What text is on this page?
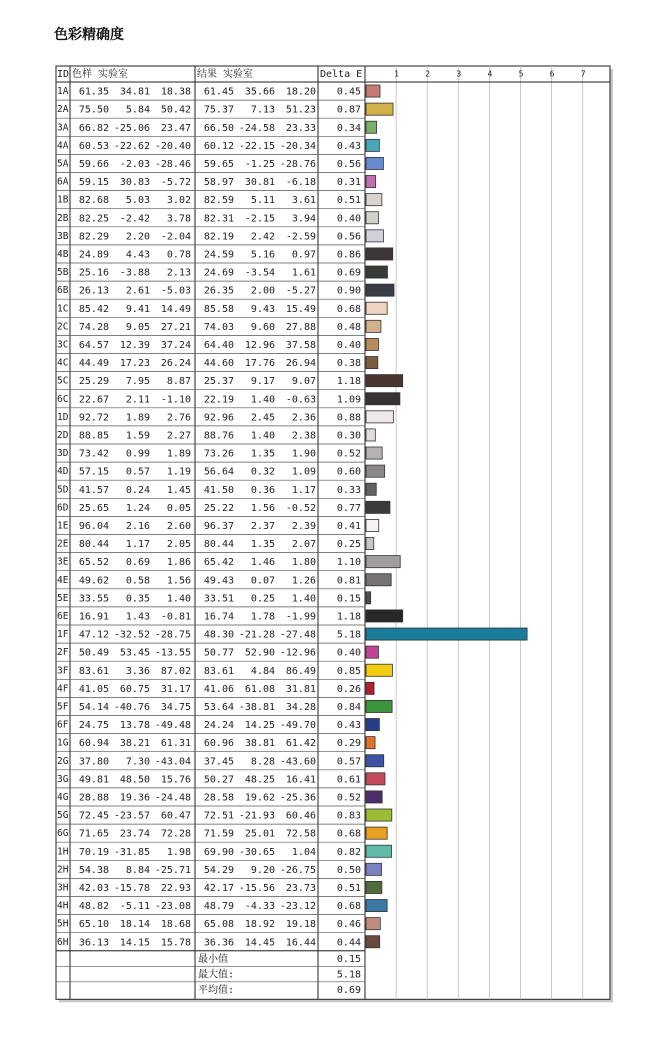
色彩精确度
1	2	3	4	5	6	7
ID 色样 实验室	结果 实验室	Delta E
1A 61.35 34.81 18.38 61.45 35.66 18.20 0.45
2A 75.50 5.84 50.42 75.37 7.13 51.23 0.87
3A 66.82 -25.06 23.47 66.50 -24.58 23.33 0.34
4A 60.53 -22.62 -20.40 60.12 -22.15 -20.34 0.43
5A 59.66 -2.03 -28.46 59.65 -1.25 -28.76 0.56
6A 59.15 30.83 -5.72 58.97 30.81 -6.18 0.31
1B 82.68 5.03 3.02 82.59 5.11 3.61 0.51
2B 82.25 -2.42 3.78 82.31 -2.15 3.94 0.40
3B 82.29 2.20 -2.04 82.19 2.42 -2.59 0.56
4B 24.89 4.43 0.78 24.59 5.16 0.97 0.86
5B 25.16 -3.88 2.13 24.69 -3.54 1.61 0.69
6B 26.13 2.61 -5.03 26.35 2.00 -5.27 0.90
1C 85.42 9.41 14.49 85.58 9.43 15.49 0.68
2C 74.28 9.05 27.21 74.03 9.60 27.88 0.48
3C 64.57 12.39 37.24 64.40 12.96 37.58 0.40
4C 44.49 17.23 26.24 44.60 17.76 26.94 0.38
5C 25.29 7.95 8.87 25.37 9.17 9.07 1.18
6C 22.67 2.11 -1.10 22.19 1.40 -0.63 1.09
1D 92.72 1.89 2.76 92.96 2.45 2.36 0.88
2D 88.85 1.59 2.27 88.76 1.40 2.38 0.30
3D 73.42 0.99 1.89 73.26 1.35 1.90 0.52
4D 57.15 0.57 1.19 56.64 0.32 1.09 0.60
5D 41.57 0.24 1.45 41.50 0.36 1.17 0.33
6D 25.65 1.24 0.05 25.22 1.56 -0.52 0.77
1E 96.04 2.16 2.60 96.37 2.37 2.39 0.41
2E 80.44 1.17 2.05 80.44 1.35 2.07 0.25
3E 65.52 0.69 1.86 65.42 1.46 1.80 1.10
4E 49.62 0.58 1.56 49.43 0.07 1.26 0.81
5E 33.55 0.35 1.40 33.51 0.25 1.40 0.15
6E 16.91 1.43 -0.81 16.74 1.78 -1.99 1.18
1F 47.12 -32.52 -28.75 48.30 -21.28 -27.48 5.18
2F 50.49 53.45 -13.55 50.77 52.90 -12.96 0.40
3F 83.61 3.36 87.02 83.61 4.84 86.49 0.85
4F 41.05 60.75 31.17 41.06 61.08 31.81 0.26
5F 54.14 -40.76 34.75 53.64 -38.81 34.28 0.84
6F 24.75 13.78 -49.48 24.24 14.25 -49.70 0.43
1G 60.94 38.21 61.31 60.96 38.81 61.42 0.29
2G 37.80 7.30 -43.04 37.45 8.28 -43.60 0.57
3G 49.81 48.50 15.76 50.27 48.25 16.41 0.61
4G 28.88 19.36 -24.48 28.58 19.62 -25.36 0.52
5G 72.45 -23.57 60.47 72.51 -21.93 60.46 0.83
6G 71.65 23.74 72.28 71.59 25.01 72.58 0.68
1H 70.19 -31.85 1.98 69.90 -30.65 1.04 0.82
2H 54.38 8.84 -25.71 54.29 9.20 -26.75 0.50
3H 42.03 -15.78 22.93 42.17 -15.56 23.73 0.51
4H 48.82 -5.11 -23.08 48.79 -4.33 -23.12 0.68
5H 65.10 18.14 18.68 65.08 18.92 19.18 0.46
6H 36.13 14.15 15.78 36.36 14.45 16.44 0.44
最小值	0.15
最大值:	5.18
平均值:	0.69
